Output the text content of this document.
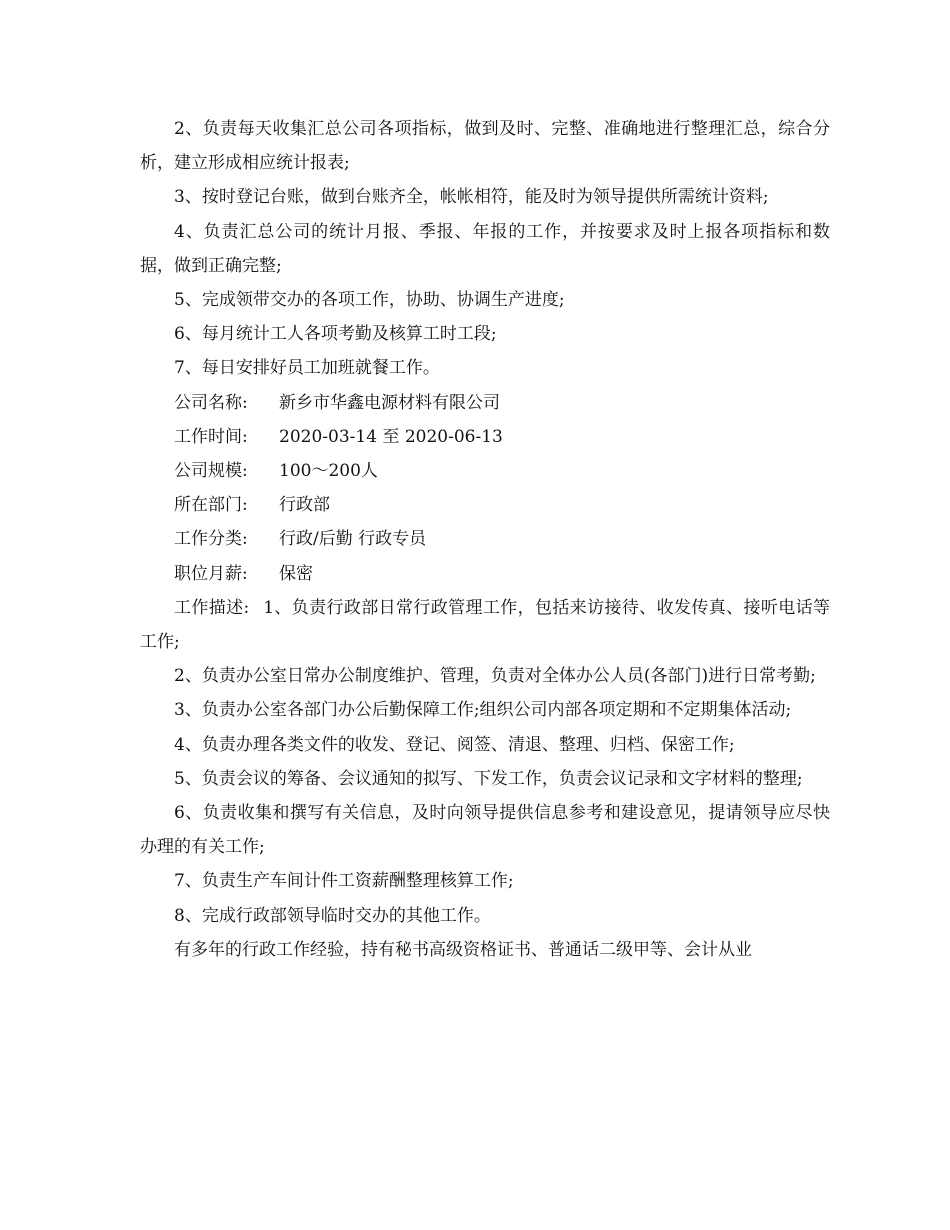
2、负责每天收集汇总公司各项指标，做到及时、完整、准确地进行整理汇总，综合分析，建立形成相应统计报表;

3、按时登记台账，做到台账齐全，帐帐相符，能及时为领导提供所需统计资料;

4、负责汇总公司的统计月报、季报、年报的工作，并按要求及时上报各项指标和数据，做到正确完整;

5、完成领带交办的各项工作，协助、协调生产进度;

6、每月统计工人各项考勤及核算工时工段;

7、每日安排好员工加班就餐工作。

公司名称: 新乡市华鑫电源材料有限公司

工作时间: 2020-03-14 至 2020-06-13

公司规模: 100～200人

所在部门: 行政部

工作分类: 行政/后勤 行政专员

职位月薪: 保密

工作描述: 1、负责行政部日常行政管理工作，包括来访接待、收发传真、接听电话等工作;

2、负责办公室日常办公制度维护、管理，负责对全体办公人员(各部门)进行日常考勤;

3、负责办公室各部门办公后勤保障工作;组织公司内部各项定期和不定期集体活动;

4、负责办理各类文件的收发、登记、阅签、清退、整理、归档、保密工作;

5、负责会议的筹备、会议通知的拟写、下发工作，负责会议记录和文字材料的整理;

6、负责收集和撰写有关信息，及时向领导提供信息参考和建设意见，提请领导应尽快办理的有关工作;

7、负责生产车间计件工资薪酬整理核算工作;

8、完成行政部领导临时交办的其他工作。

有多年的行政工作经验，持有秘书高级资格证书、普通话二级甲等、会计从业
